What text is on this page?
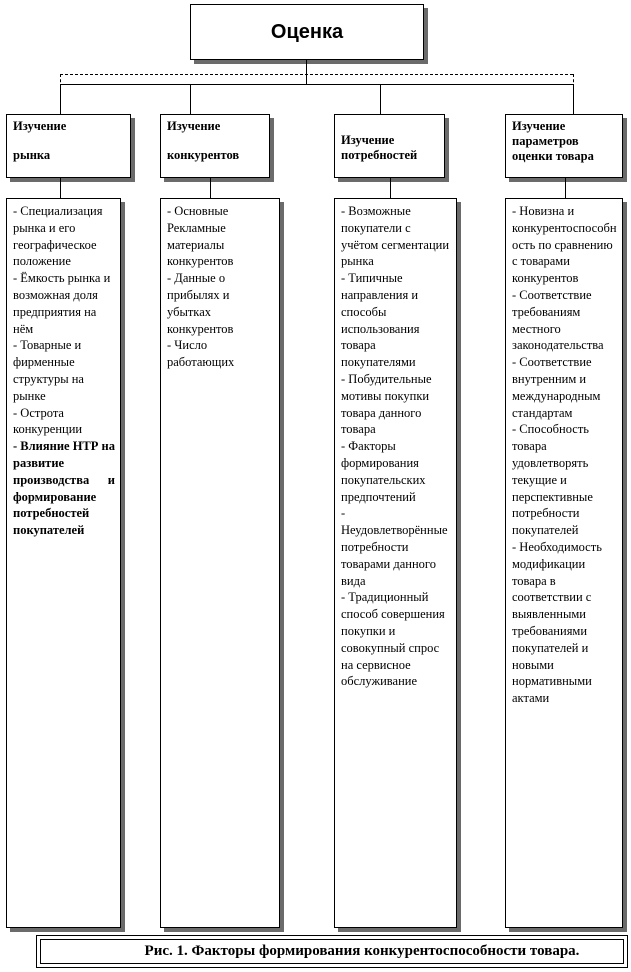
Оценка
Изучение
рынка
Изучение
конкурентов
Изучение
потребностей
Изучение
параметров
оценки товара
- Специализация рынка и его географическое положение
- Ёмкость рынка и возможная доля предприятия на нём
- Товарные и фирменные структуры на рынке
- Острота конкуренции
- Влияние НТР на развитие производства и формирование потребностей покупателей
- Основные Рекламные материалы конкурентов
- Данные о прибылях и убытках конкурентов
- Число работающих
- Возможные покупатели с учётом сегментации рынка
- Типичные направления и способы использования товара покупателями
- Побудительные мотивы покупки товара данного товара
- Факторы формирования покупательских предпочтений
- Неудовлетворённые потребности товарами данного вида
- Традиционный способ совершения покупки и совокупный спрос на сервисное обслуживание
- Новизна и конкурентоспособность по сравнению с товарами конкурентов
- Соответствие требованиям местного законодательства
- Соответствие внутренним и международным стандартам
- Способность товара удовлетворять текущие и перспективные потребности покупателей
- Необходимость модификации товара в соответствии с выявленными требованиями покупателей и новыми нормативными актами
Рис. 1. Факторы формирования конкурентоспособности товара.
